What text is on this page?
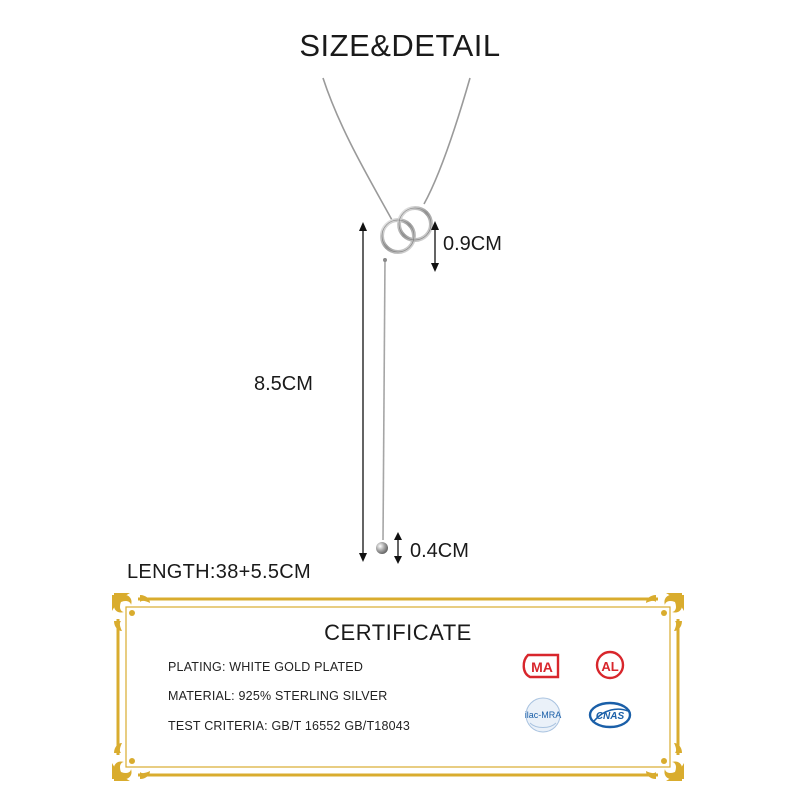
SIZE&DETAIL
0.9CM
8.5CM
0.4CM
LENGTH:38+5.5CM
CERTIFICATE
PLATING: WHITE GOLD PLATED
MATERIAL: 925% STERLING SILVER
TEST CRITERIA: GB/T 16552 GB/T18043
MA	AL
ilac-MRA	CNAS
